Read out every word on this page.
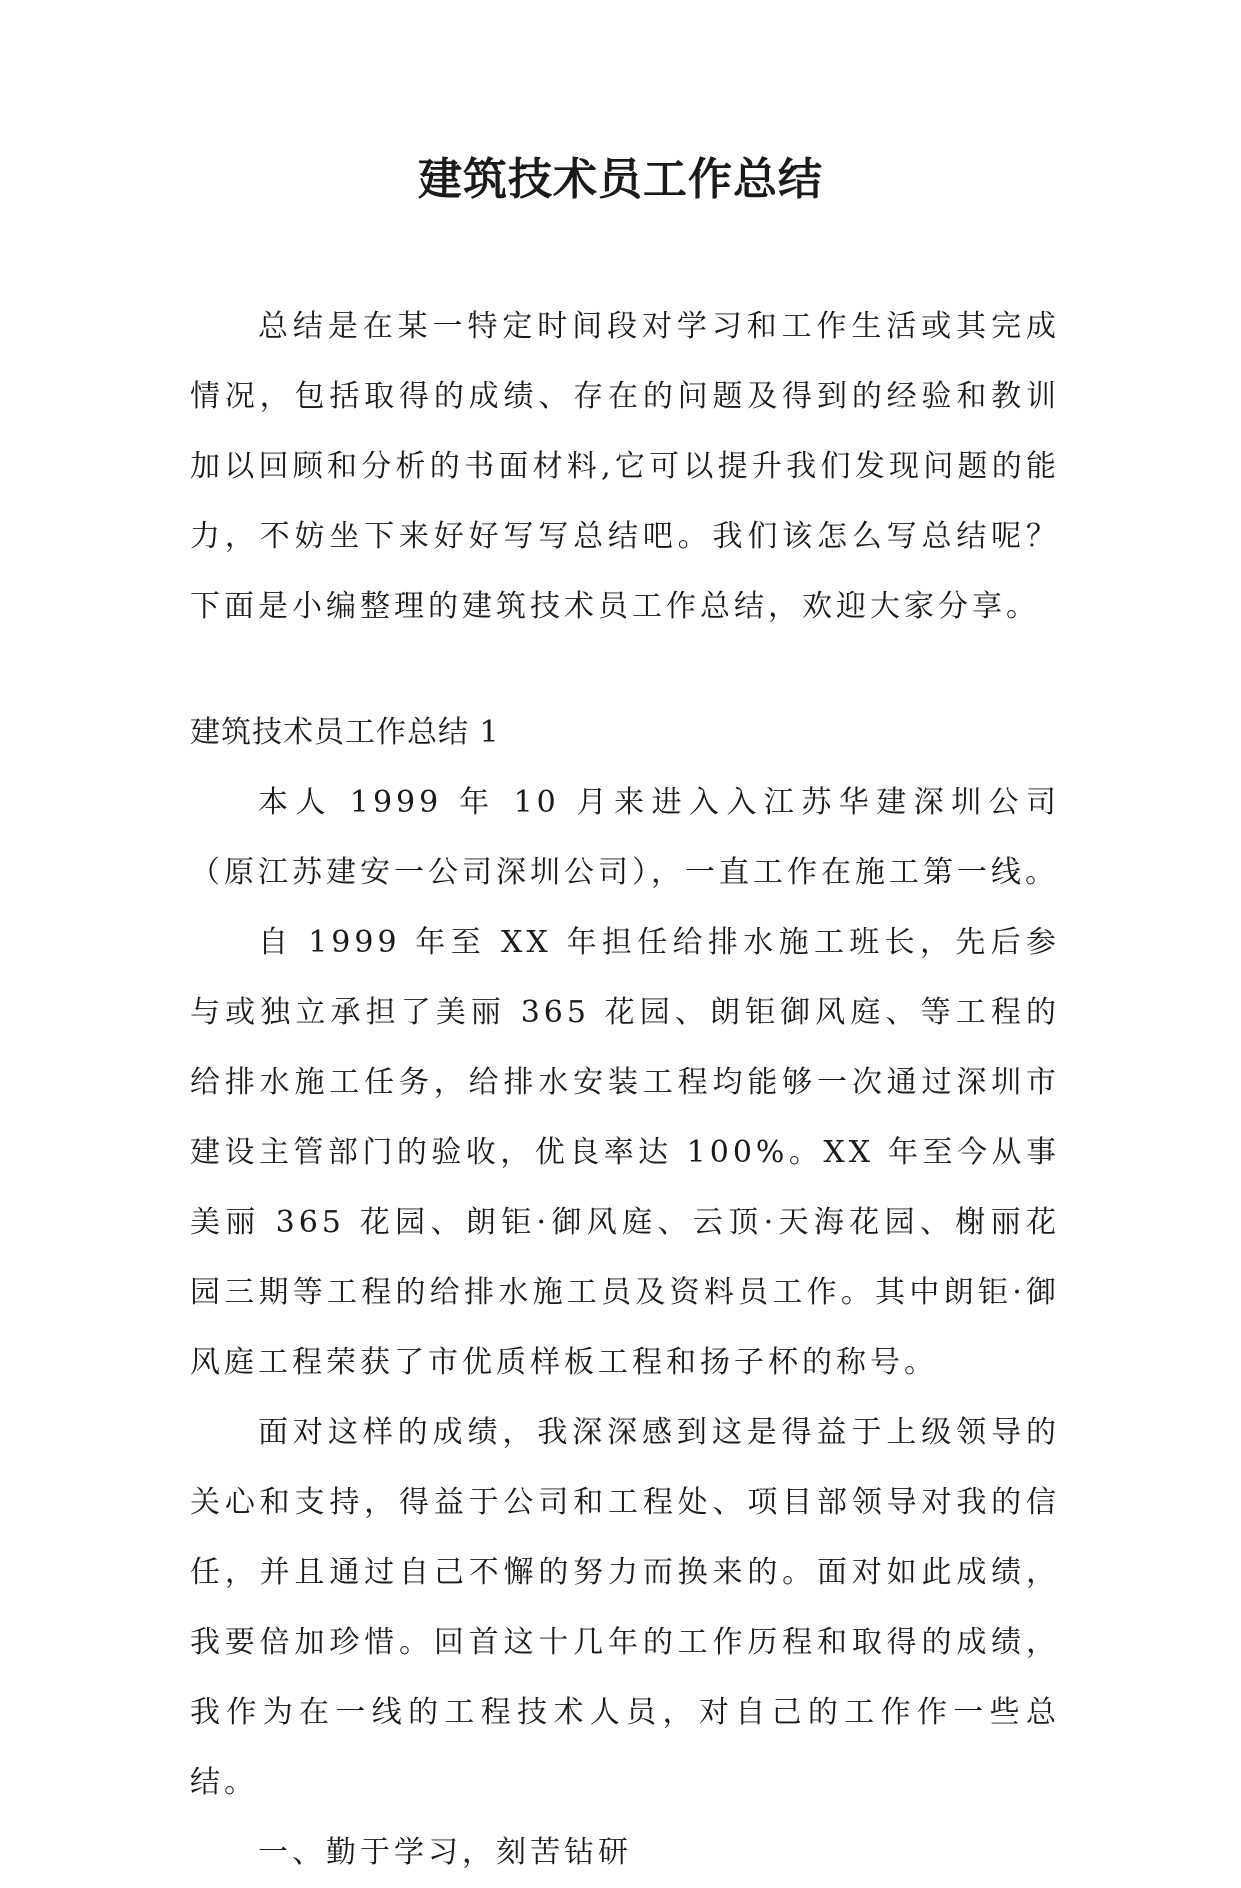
建筑技术员工作总结

总结是在某一特定时间段对学习和工作生活或其完成情况，包括取得的成绩、存在的问题及得到的经验和教训加以回顾和分析的书面材料,它可以提升我们发现问题的能力，不妨坐下来好好写写总结吧。我们该怎么写总结呢？下面是小编整理的建筑技术员工作总结，欢迎大家分享。

建筑技术员工作总结 1

本人 1999 年 10 月来进入入江苏华建深圳公司（原江苏建安一公司深圳公司），一直工作在施工第一线。

自 1999 年至 XX 年担任给排水施工班长，先后参与或独立承担了美丽 365 花园、朗钜御风庭、等工程的给排水施工任务，给排水安装工程均能够一次通过深圳市建设主管部门的验收，优良率达 100%。XX 年至今从事美丽 365 花园、朗钜·御风庭、云顶·天海花园、榭丽花园三期等工程的给排水施工员及资料员工作。其中朗钜·御风庭工程荣获了市优质样板工程和扬子杯的称号。

面对这样的成绩，我深深感到这是得益于上级领导的关心和支持，得益于公司和工程处、项目部领导对我的信任，并且通过自己不懈的努力而换来的。面对如此成绩，我要倍加珍惜。回首这十几年的工作历程和取得的成绩，我作为在一线的工程技术人员，对自己的工作作一些总结。

一、勤于学习，刻苦钻研
